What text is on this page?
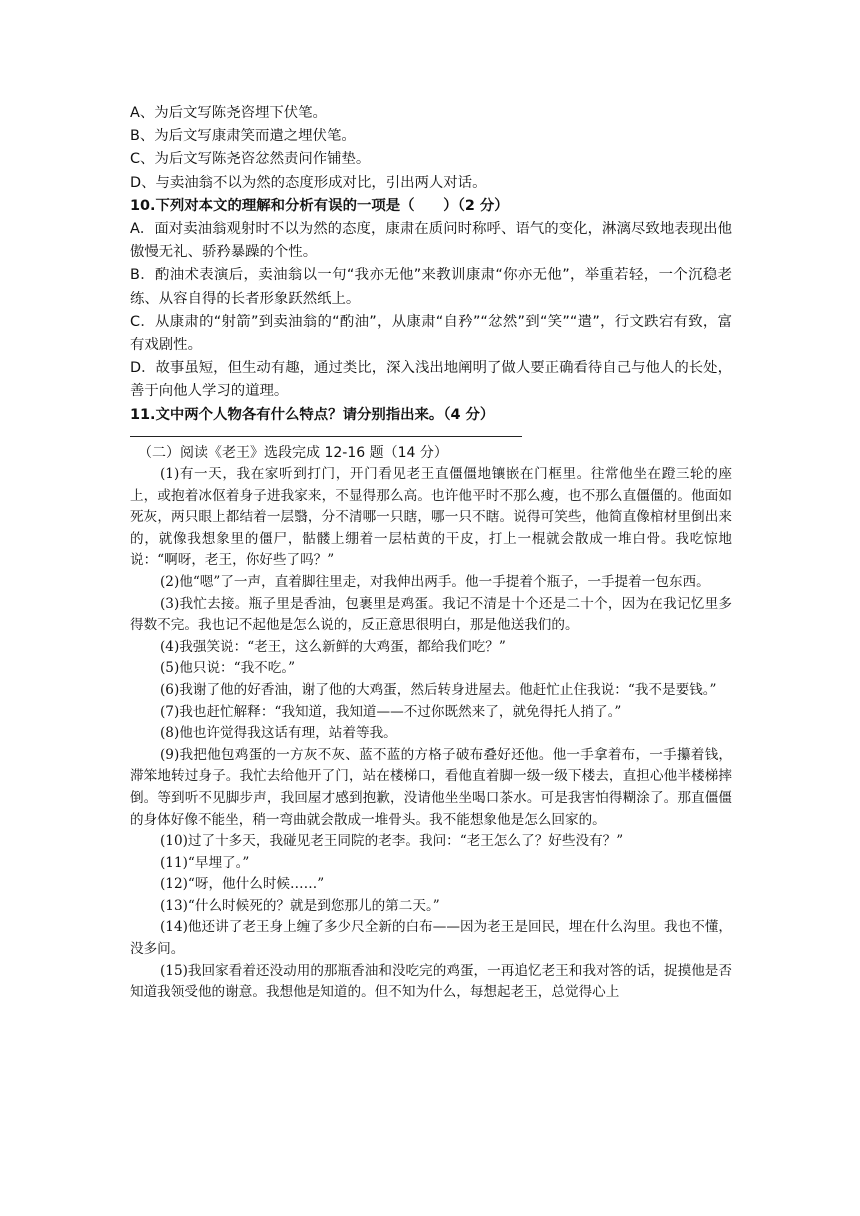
A、为后文写陈尧咨埋下伏笔。
B、为后文写康肃笑而遣之埋伏笔。
C、为后文写陈尧咨忿然责问作铺垫。
D、与卖油翁不以为然的态度形成对比，引出两人对话。
10.下列对本文的理解和分析有误的一项是（　　）（2 分）
A．面对卖油翁观射时不以为然的态度，康肃在质问时称呼、语气的变化，淋漓尽致地表现出他傲慢无礼、骄矜暴躁的个性。
B．酌油术表演后，卖油翁以一句“我亦无他”来教训康肃“你亦无他”，举重若轻，一个沉稳老练、从容自得的长者形象跃然纸上。
C．从康肃的“射箭”到卖油翁的“酌油”，从康肃“自矜”“忿然”到“笑”“遣”，行文跌宕有致，富有戏剧性。
D．故事虽短，但生动有趣，通过类比，深入浅出地阐明了做人要正确看待自己与他人的长处，善于向他人学习的道理。
11.文中两个人物各有什么特点？请分别指出来。（4 分）
（二）阅读《老王》选段完成 12-16 题（14 分）

(1)有一天，我在家听到打门，开门看见老王直僵僵地镶嵌在门框里。往常他坐在蹬三轮的座上，或抱着冰伛着身子进我家来，不显得那么高。也许他平时不那么瘦，也不那么直僵僵的。他面如死灰，两只眼上都结着一层翳，分不清哪一只瞎，哪一只不瞎。说得可笑些，他简直像棺材里倒出来的，就像我想象里的僵尸，骷髅上绷着一层枯黄的干皮，打上一棍就会散成一堆白骨。我吃惊地说：“啊呀，老王，你好些了吗？”

(2)他“嗯”了一声，直着脚往里走，对我伸出两手。他一手提着个瓶子，一手提着一包东西。

(3)我忙去接。瓶子里是香油，包裹里是鸡蛋。我记不清是十个还是二十个，因为在我记忆里多得数不完。我也记不起他是怎么说的，反正意思很明白，那是他送我们的。

(4)我强笑说：“老王，这么新鲜的大鸡蛋，都给我们吃？”

(5)他只说：“我不吃。”

(6)我谢了他的好香油，谢了他的大鸡蛋，然后转身进屋去。他赶忙止住我说：“我不是要钱。”

(7)我也赶忙解释：“我知道，我知道——不过你既然来了，就免得托人捎了。”

(8)他也许觉得我这话有理，站着等我。

(9)我把他包鸡蛋的一方灰不灰、蓝不蓝的方格子破布叠好还他。他一手拿着布，一手攥着钱，滞笨地转过身子。我忙去给他开了门，站在楼梯口，看他直着脚一级一级下楼去，直担心他半楼梯摔倒。等到听不见脚步声，我回屋才感到抱歉，没请他坐坐喝口茶水。可是我害怕得糊涂了。那直僵僵的身体好像不能坐，稍一弯曲就会散成一堆骨头。我不能想象他是怎么回家的。

(10)过了十多天，我碰见老王同院的老李。我问：“老王怎么了？好些没有？”

(11)“早埋了。”

(12)“呀，他什么时候……”

(13)“什么时候死的？就是到您那儿的第二天。”

(14)他还讲了老王身上缠了多少尺全新的白布——因为老王是回民，埋在什么沟里。我也不懂，没多问。

(15)我回家看着还没动用的那瓶香油和没吃完的鸡蛋，一再追忆老王和我对答的话，捉摸他是否知道我领受他的谢意。我想他是知道的。但不知为什么，每想起老王，总觉得心上
